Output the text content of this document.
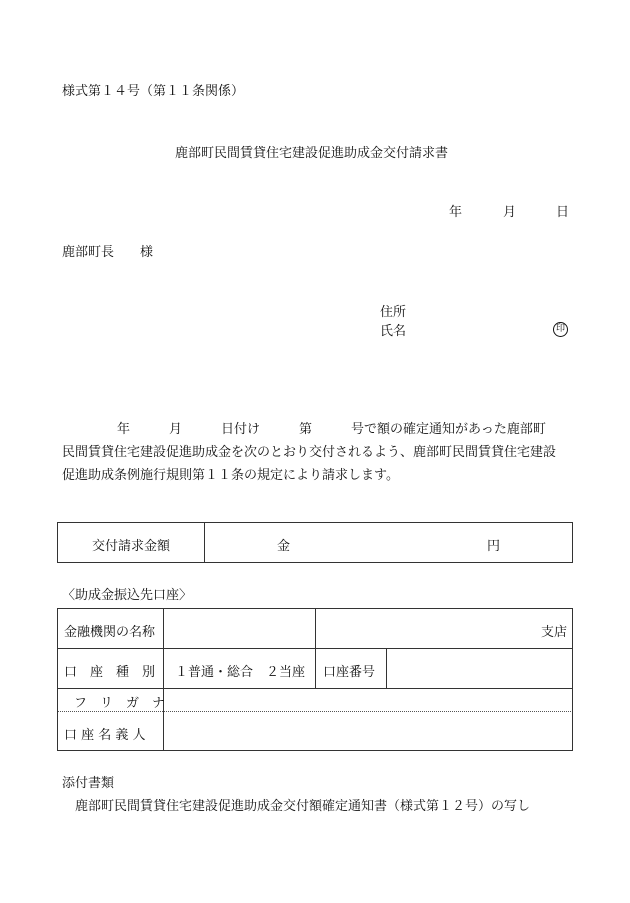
様式第１４号（第１１条関係）
鹿部町民間賃貸住宅建設促進助成金交付請求書
年	月	日
鹿部町長　　様
住所
氏名	印
年　　　月　　　日付け　　　第　　　号で額の確定通知があった鹿部町
民間賃貸住宅建設促進助成金を次のとおり交付されるよう、鹿部町民間賃貸住宅建設
促進助成条例施行規則第１１条の規定により請求します。
交付請求金額	金	円
〈助成金振込先口座〉
金融機関の名称	支店
口　座　種　別 １普通・総合　２当座 口座番号
フ　リ　ガ　ナ
口 座 名 義 人
添付書類
鹿部町民間賃貸住宅建設促進助成金交付額確定通知書（様式第１２号）の写し
